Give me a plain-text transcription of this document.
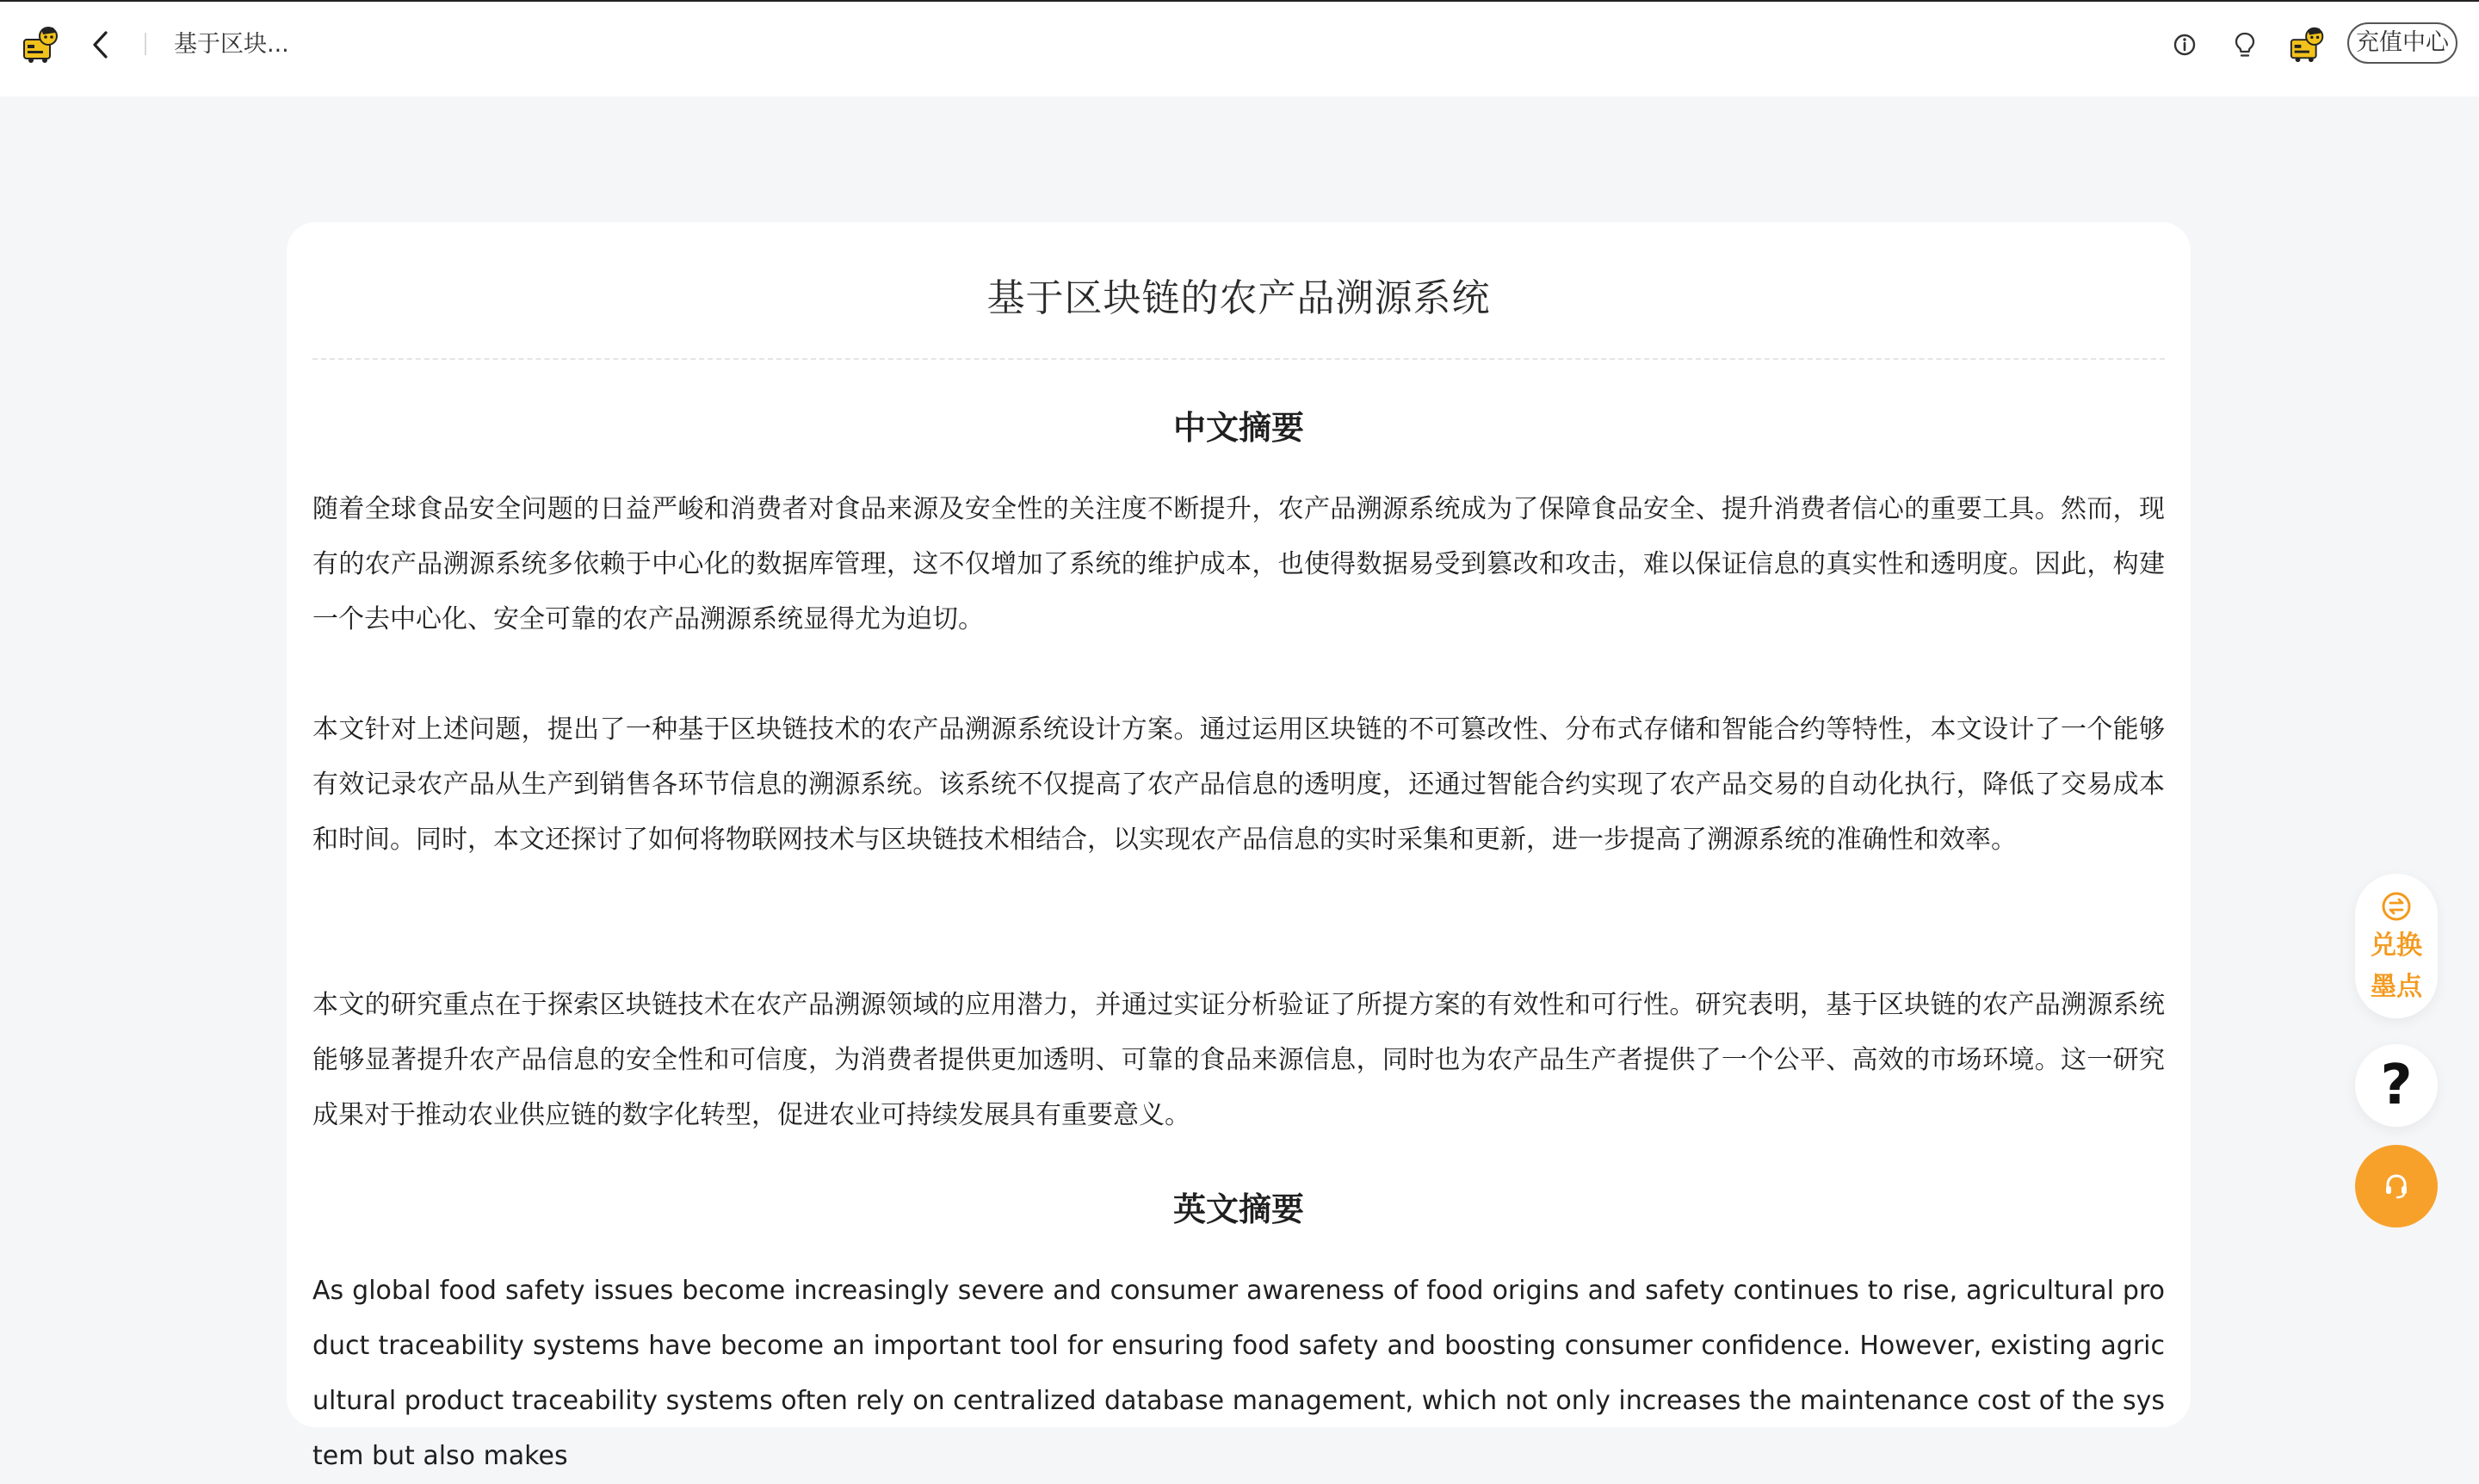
基于区块...	充值中心
基于区块链的农产品溯源系统
中文摘要

随着全球食品安全问题的日益严峻和消费者对食品来源及安全性的关注度不断提升，农产品溯源系统成为了保障食品安全、提升消费者信心的重要工具。然而，现有的农产品溯源系统多依赖于中心化的数据库管理，这不仅增加了系统的维护成本，也使得数据易受到篡改和攻击，难以保证信息的真实性和透明度。因此，构建一个去中心化、安全可靠的农产品溯源系统显得尤为迫切。

本文针对上述问题，提出了一种基于区块链技术的农产品溯源系统设计方案。通过运用区块链的不可篡改性、分布式存储和智能合约等特性，本文设计了一个能够有效记录农产品从生产到销售各环节信息的溯源系统。该系统不仅提高了农产品信息的透明度，还通过智能合约实现了农产品交易的自动化执行，降低了交易成本和时间。同时，本文还探讨了如何将物联网技术与区块链技术相结合，以实现农产品信息的实时采集和更新，进一步提高了溯源系统的准确性和效率。

本文的研究重点在于探索区块链技术在农产品溯源领域的应用潜力，并通过实证分析验证了所提方案的有效性和可行性。研究表明，基于区块链的农产品溯源系统能够显著提升农产品信息的安全性和可信度，为消费者提供更加透明、可靠的食品来源信息，同时也为农产品生产者提供了一个公平、高效的市场环境。这一研究成果对于推动农业供应链的数字化转型，促进农业可持续发展具有重要意义。

英文摘要

As global food safety issues become increasingly severe and consumer awareness of food origins and safety continues to rise, agricultural product traceability systems have become an important tool for ensuring food safety and boosting consumer confidence. However, existing agricultural product traceability systems often rely on centralized database management, which not only increases the maintenance cost of the system but also makes

兑换
墨点
?
